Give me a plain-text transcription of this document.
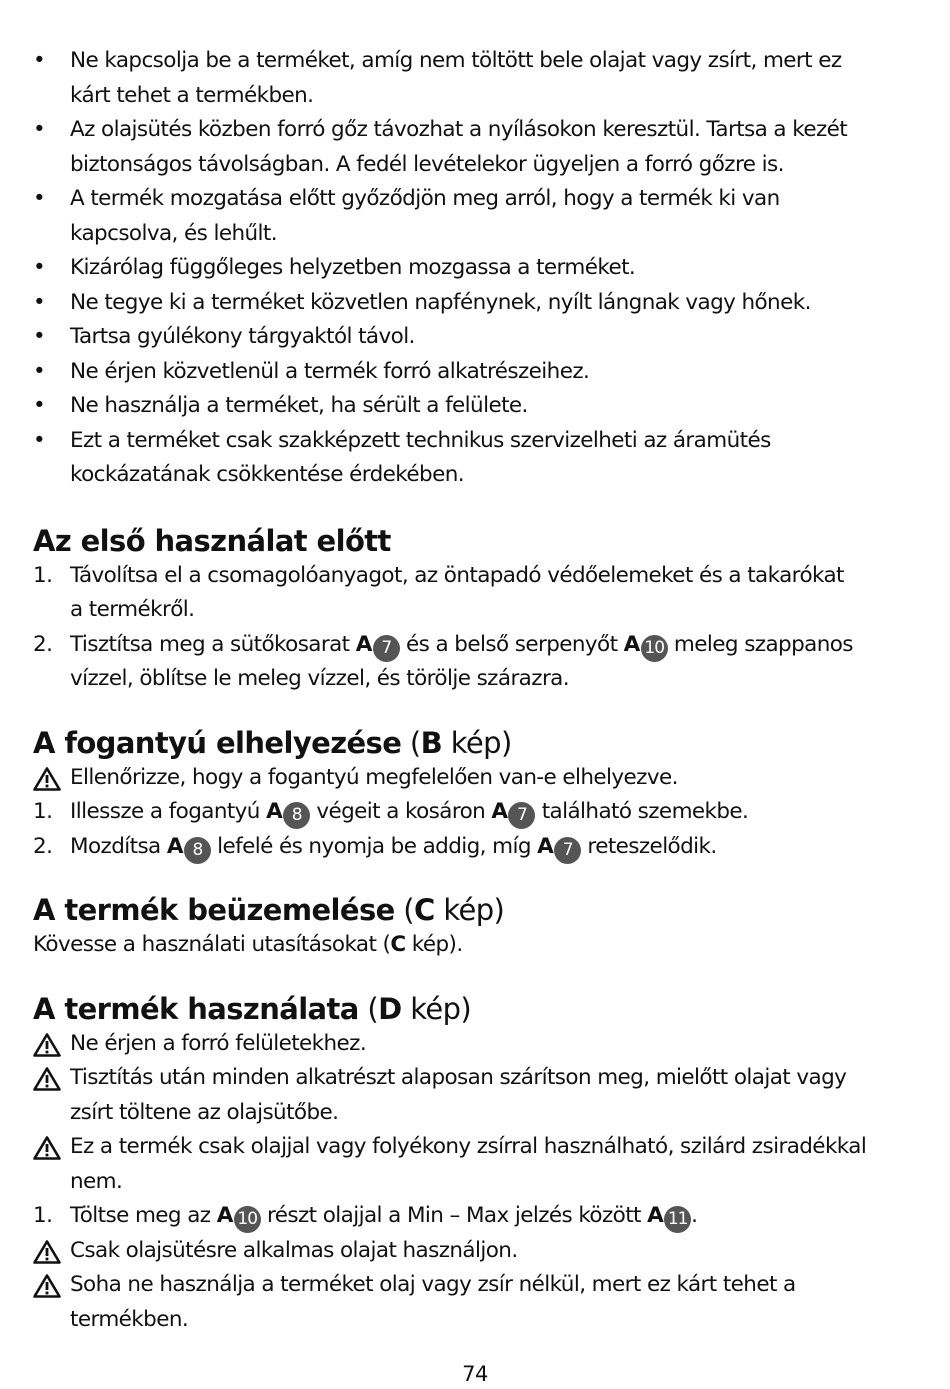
• Ne kapcsolja be a terméket, amíg nem töltött bele olajat vagy zsírt, mert ez
kárt tehet a termékben.
• Az olajsütés közben forró gőz távozhat a nyílásokon keresztül. Tartsa a kezét
biztonságos távolságban. A fedél levételekor ügyeljen a forró gőzre is.
• A termék mozgatása előtt győződjön meg arról, hogy a termék ki van
kapcsolva, és lehűlt.
• Kizárólag függőleges helyzetben mozgassa a terméket.
• Ne tegye ki a terméket közvetlen napfénynek, nyílt lángnak vagy hőnek.
• Tartsa gyúlékony tárgyaktól távol.
• Ne érjen közvetlenül a termék forró alkatrészeihez.
• Ne használja a terméket, ha sérült a felülete.
• Ezt a terméket csak szakképzett technikus szervizelheti az áramütés
kockázatának csökkentése érdekében.
Az első használat előtt
1. Távolítsa el a csomagolóanyagot, az öntapadó védőelemeket és a takarókat
a termékről.
2. Tisztítsa meg a sütőkosarat A 7 és a belső serpenyőt A 10 meleg szappanos
vízzel, öblítse le meleg vízzel, és törölje szárazra.
A fogantyú elhelyezése (B kép)
Ellenőrizze, hogy a fogantyú megfelelően van-e elhelyezve.
1. Illessze a fogantyú A 8 végeit a kosáron A 7 található szemekbe.
2. Mozdítsa A 8 lefelé és nyomja be addig, míg A 7 reteszelődik.
A termék beüzemelése (C kép)
Kövesse a használati utasításokat (C kép).
A termék használata (D kép)
Ne érjen a forró felületekhez.
Tisztítás után minden alkatrészt alaposan szárítson meg, mielőtt olajat vagy
zsírt töltene az olajsütőbe.
Ez a termék csak olajjal vagy folyékony zsírral használható, szilárd zsiradékkal
nem.
1. Töltse meg az A 10 részt olajjal a Min – Max jelzés között A 11 .
Csak olajsütésre alkalmas olajat használjon.
Soha ne használja a terméket olaj vagy zsír nélkül, mert ez kárt tehet a
termékben.
74
